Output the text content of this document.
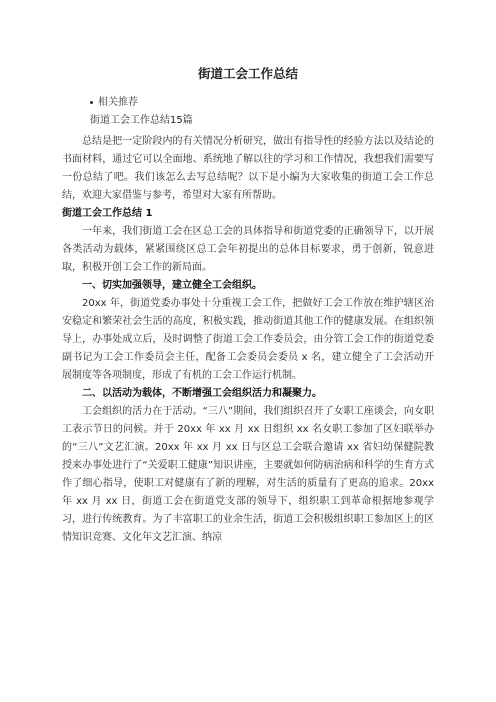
街道工会工作总结
相关推荐
街道工会工作总结15篇

总结是把一定阶段内的有关情况分析研究，做出有指导性的经验方法以及结论的书面材料，通过它可以全面地、系统地了解以往的学习和工作情况，我想我们需要写一份总结了吧。我们该怎么去写总结呢？以下是小编为大家收集的街道工会工作总结，欢迎大家借鉴与参考，希望对大家有所帮助。

街道工会工作总结 1

一年来，我们街道工会在区总工会的具体指导和街道党委的正确领导下，以开展各类活动为载体，紧紧围绕区总工会年初提出的总体目标要求，勇于创新，锐意进取，积极开创工会工作的新局面。

一、切实加强领导，建立健全工会组织。

20xx 年，街道党委办事处十分重视工会工作，把做好工会工作放在维护辖区治安稳定和繁荣社会生活的高度，积极实践，推动街道其他工作的健康发展。在组织领导上，办事处成立后，及时调整了街道工会工作委员会，由分管工会工作的街道党委副书记为工会工作委员会主任，配备工会委员会委员 x 名，建立健全了工会活动开展制度等各项制度，形成了有机的工会工作运行机制。

二、以活动为载体，不断增强工会组织活力和凝聚力。

工会组织的活力在于活动。“三八”期间，我们组织召开了女职工座谈会，向女职工表示节日的问候。并于 20xx 年 xx 月 xx 日组织 xx 名女职工参加了区妇联举办的“三八”文艺汇演。20xx 年 xx 月 xx 日与区总工会联合邀请 xx 省妇幼保健院教授来办事处进行了“关爱职工健康”知识讲座，主要就如何防病治病和科学的生育方式作了细心指导，使职工对健康有了新的理解，对生活的质量有了更高的追求。20xx 年 xx 月 xx 日，街道工会在街道党支部的领导下，组织职工到革命根据地参观学习，进行传统教育。为了丰富职工的业余生活，街道工会积极组织职工参加区上的区情知识竞赛、文化年文艺汇演、纳凉
